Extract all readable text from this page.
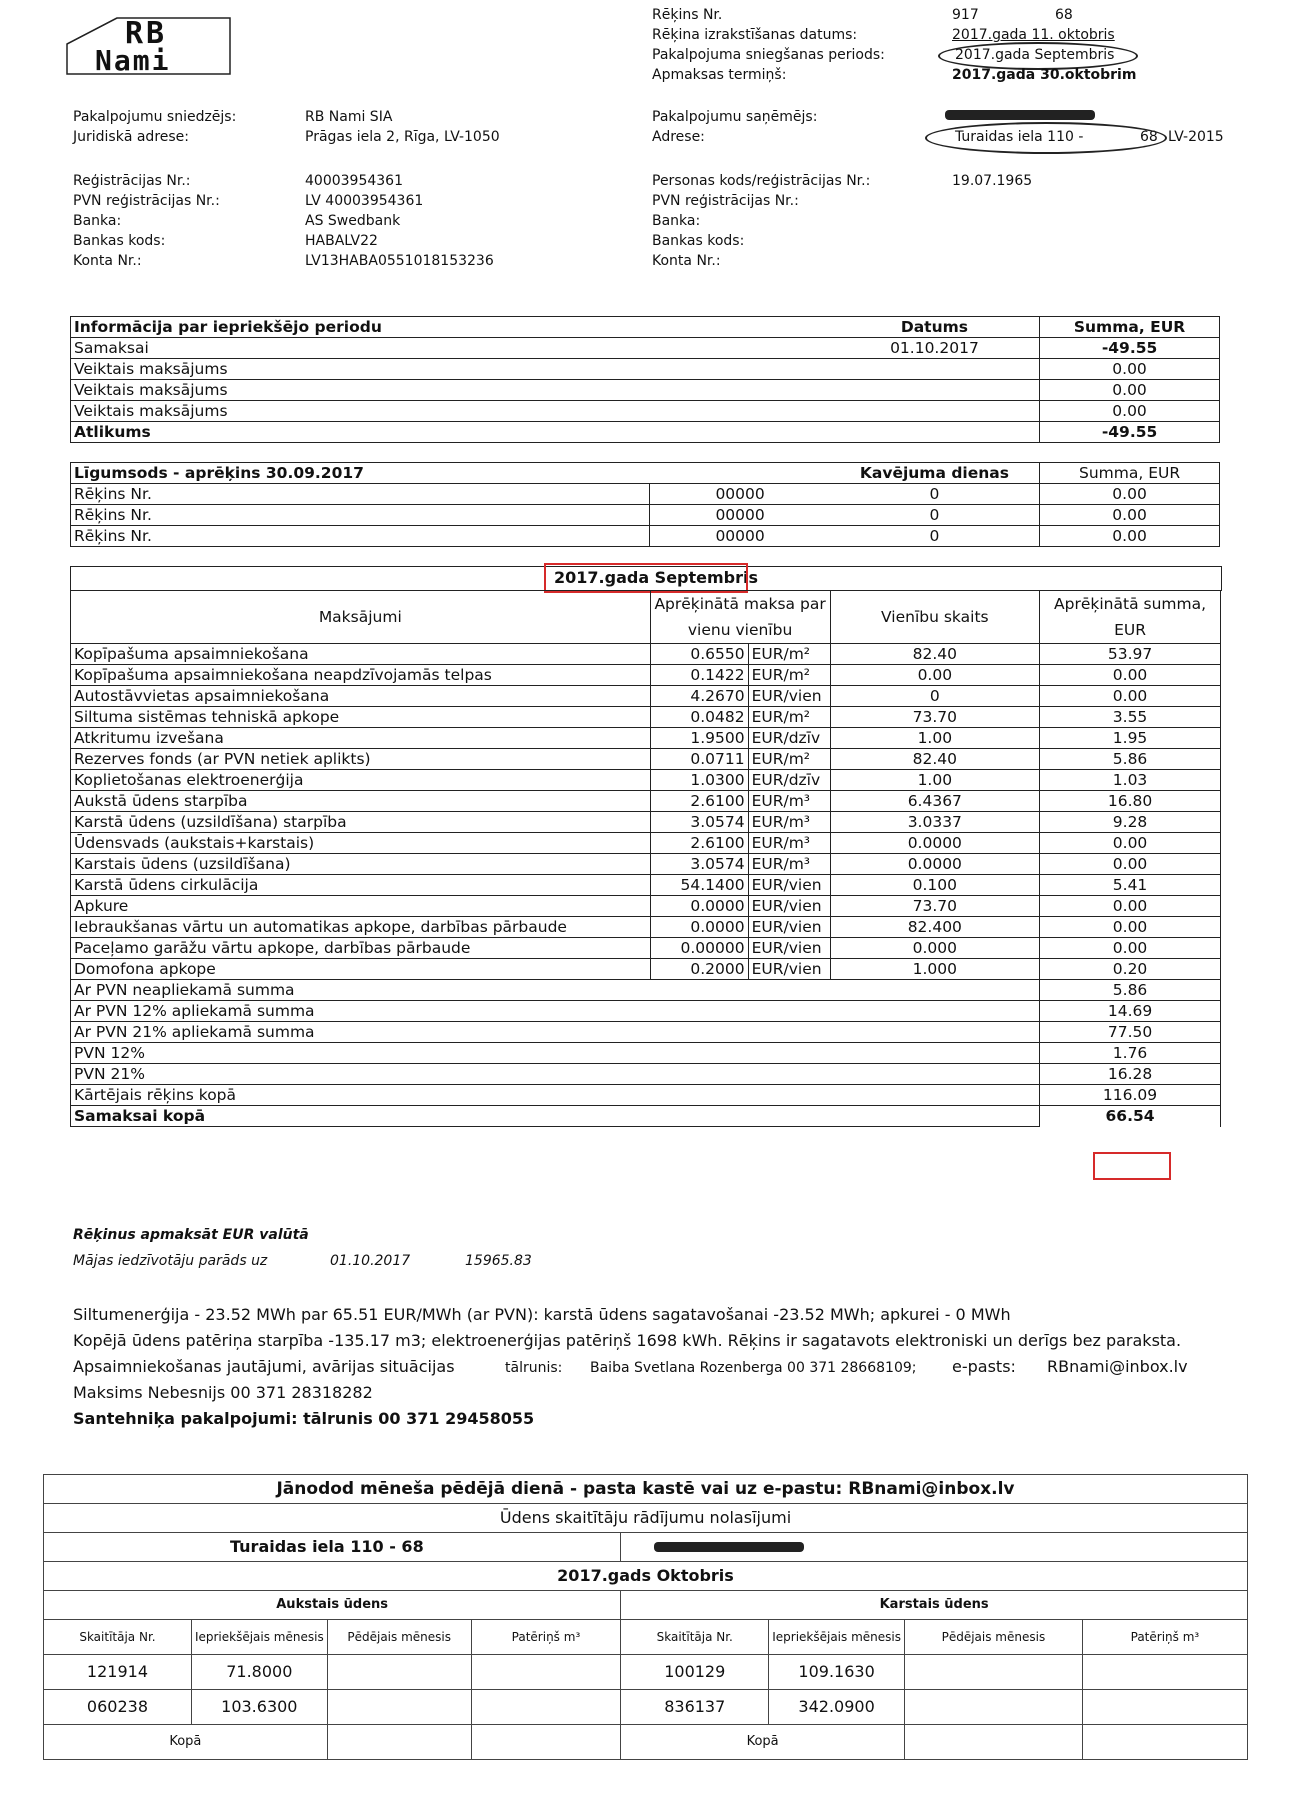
RB
Nami
Rēķins Nr.	917	68
Rēķina izrakstīšanas datums:	2017.gada 11. oktobris
Pakalpojuma sniegšanas periods:	2017.gada Septembris
Apmaksas termiņš:	2017.gada 30.oktobrim
Pakalpojumu sniedzējs:	RB Nami SIA
Juridiskā adrese:	Prāgas iela 2, Rīga, LV-1050
Reģistrācijas Nr.:	40003954361
PVN reģistrācijas Nr.:	LV 40003954361
Banka:	AS Swedbank
Bankas kods:	HABALV22
Konta Nr.:	LV13HABA0551018153236
Pakalpojumu saņēmējs:
Adrese:	Turaidas iela 110 -	68 LV-2015
Personas kods/reģistrācijas Nr.:	19.07.1965
PVN reģistrācijas Nr.:
Banka:
Bankas kods:
Konta Nr.:
Informācija par iepriekšējo periodu	Datums	Summa, EUR
Samaksai	01.10.2017	-49.55
Veiktais maksājums		0.00
Veiktais maksājums		0.00
Veiktais maksājums		0.00
Atlikums		-49.55
Līgumsods - aprēķins 30.09.2017		Kavējuma dienas	Summa, EUR
Rēķins Nr.	00000	0	0.00
Rēķins Nr.	00000	0	0.00
Rēķins Nr.	00000	0	0.00
2017.gada Septembris
Maksājumi	Aprēķinātā maksa par		Vienību skaits	Aprēķinātā summa,
	vienu vienību			EUR
Kopīpašuma apsaimniekošana	0.6550	EUR/m²	82.40	53.97
Kopīpašuma apsaimniekošana neapdzīvojamās telpas	0.1422	EUR/m²	0.00	0.00
Autostāvvietas apsaimniekošana	4.2670	EUR/vien	0	0.00
Siltuma sistēmas tehniskā apkope	0.0482	EUR/m²	73.70	3.55
Atkritumu izvešana	1.9500	EUR/dzīv	1.00	1.95
Rezerves fonds (ar PVN netiek aplikts)	0.0711	EUR/m²	82.40	5.86
Koplietošanas elektroenerģija	1.0300	EUR/dzīv	1.00	1.03
Aukstā ūdens starpība	2.6100	EUR/m³	6.4367	16.80
Karstā ūdens (uzsildīšana) starpība	3.0574	EUR/m³	3.0337	9.28
Ūdensvads (aukstais+karstais)	2.6100	EUR/m³	0.0000	0.00
Karstais ūdens (uzsildīšana)	3.0574	EUR/m³	0.0000	0.00
Karstā ūdens cirkulācija	54.1400	EUR/vien	0.100	5.41
Apkure	0.0000	EUR/vien	73.70	0.00
Iebraukšanas vārtu un automatikas apkope, darbības pārbaude	0.0000	EUR/vien	82.400	0.00
Paceļamo garāžu vārtu apkope, darbības pārbaude	0.00000	EUR/vien	0.000	0.00
Domofona apkope	0.2000	EUR/vien	1.000	0.20
Ar PVN neapliekamā summa				5.86
Ar PVN 12% apliekamā summa				14.69
Ar PVN 21% apliekamā summa				77.50
PVN 12%				1.76
PVN 21%				16.28
Kārtējais rēķins kopā				116.09
Samaksai kopā				66.54
Rēķinus apmaksāt EUR valūtā
Mājas iedzīvotāju parāds uz	01.10.2017	15965.83
Siltumenerģija - 23.52 MWh par 65.51 EUR/MWh (ar PVN): karstā ūdens sagatavošanai -23.52 MWh; apkurei - 0 MWh
Kopējā ūdens patēriņa starpība -135.17 m3; elektroenerģijas patēriņš 1698 kWh. Rēķins ir sagatavots elektroniski un derīgs bez paraksta.
Apsaimniekošanas jautājumi, avārijas situācijas	tālrunis: Baiba Svetlana Rozenberga 00 371 28668109; e-pasts: RBnami@inbox.lv
Maksims Nebesnijs 00 371 28318282
Santehniķa pakalpojumi: tālrunis 00 371 29458055
Jānodod mēneša pēdējā dienā - pasta kastē vai uz e-pastu: RBnami@inbox.lv							
Ūdens skaitītāju rādījumu nolasījumi							
Turaidas iela 110 - 68							

2017.gads Oktobris							
Aukstais ūdens				Karstais ūdens			
Skaitītāja Nr.	Iepriekšējais mēnesis	Pēdējais mēnesis	Patēriņš m³	Skaitītāja Nr.	Iepriekšējais mēnesis	Pēdējais mēnesis	Patēriņš m³
121914	71.8000			100129	109.1630		
060238	103.6300			836137	342.0900		
Kopā				Kopā			
